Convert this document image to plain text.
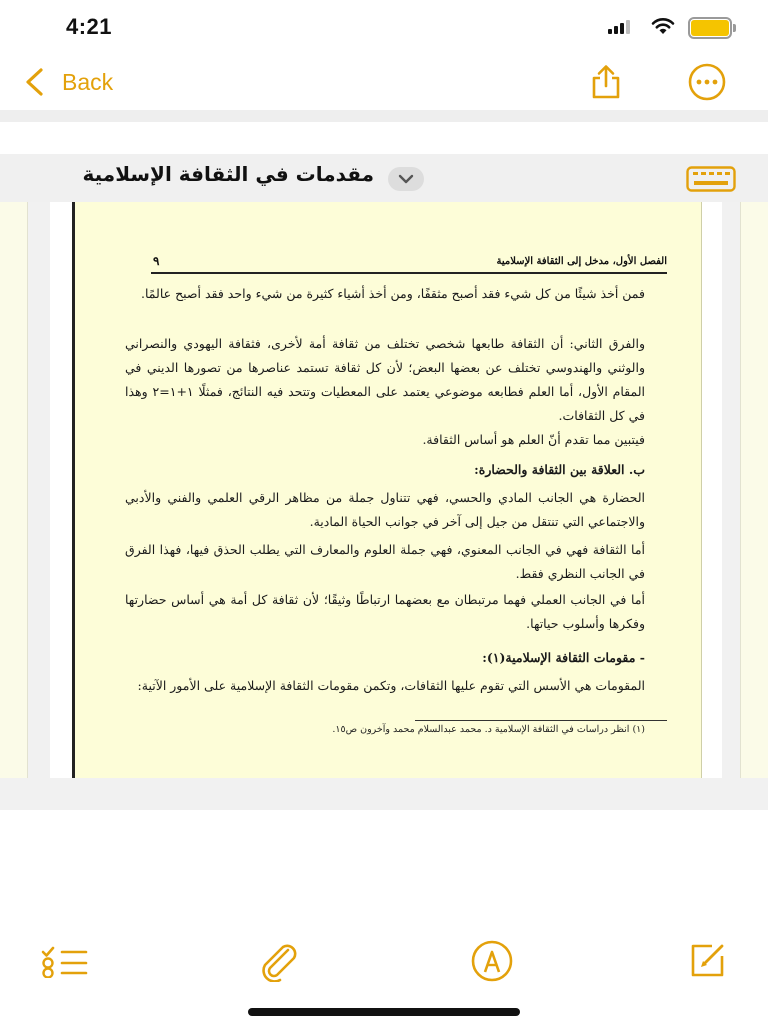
4:21
Back
مقدمات في الثقافة الإسلامية
الفصل الأول، مدخل إلى الثقافة الإسلامية
٩
فمن أخذ شيئًا من كل شيء فقد أصبح مثقفًا، ومن أخذ أشياء كثيرة من شيء واحد فقد أصبح عالمًا.
والفرق الثاني: أن الثقافة طابعها شخصي تختلف من ثقافة أمة لأخرى، فثقافة اليهودي والنصراني والوثني والهندوسي تختلف عن بعضها البعض؛ لأن كل ثقافة تستمد عناصرها من تصورها الديني في المقام الأول، أما العلم فطابعه موضوعي يعتمد على المعطيات وتتحد فيه النتائج، فمثلًا ١+١=٢ وهذا في كل الثقافات.
فيتبين مما تقدم أنّ العلم هو أساس الثقافة.
ب. العلاقة بين الثقافة والحضارة:
الحضارة هي الجانب المادي والحسي، فهي تتناول جملة من مظاهر الرقي العلمي والفني والأدبي والاجتماعي التي تنتقل من جيل إلى آخر في جوانب الحياة المادية.
أما الثقافة فهي في الجانب المعنوي، فهي جملة العلوم والمعارف التي يطلب الحذق فيها، فهذا الفرق في الجانب النظري فقط.
أما في الجانب العملي فهما مرتبطان مع بعضهما ارتباطًا وثيقًا؛ لأن ثقافة كل أمة هي أساس حضارتها وفكرها وأسلوب حياتها.
- مقومات الثقافة الإسلامية(١):
المقومات هي الأسس التي تقوم عليها الثقافات، وتكمن مقومات الثقافة الإسلامية على الأمور الآتية:
(١) انظر دراسات في الثقافة الإسلامية د. محمد عبدالسلام محمد وآخرون ص١٥.
